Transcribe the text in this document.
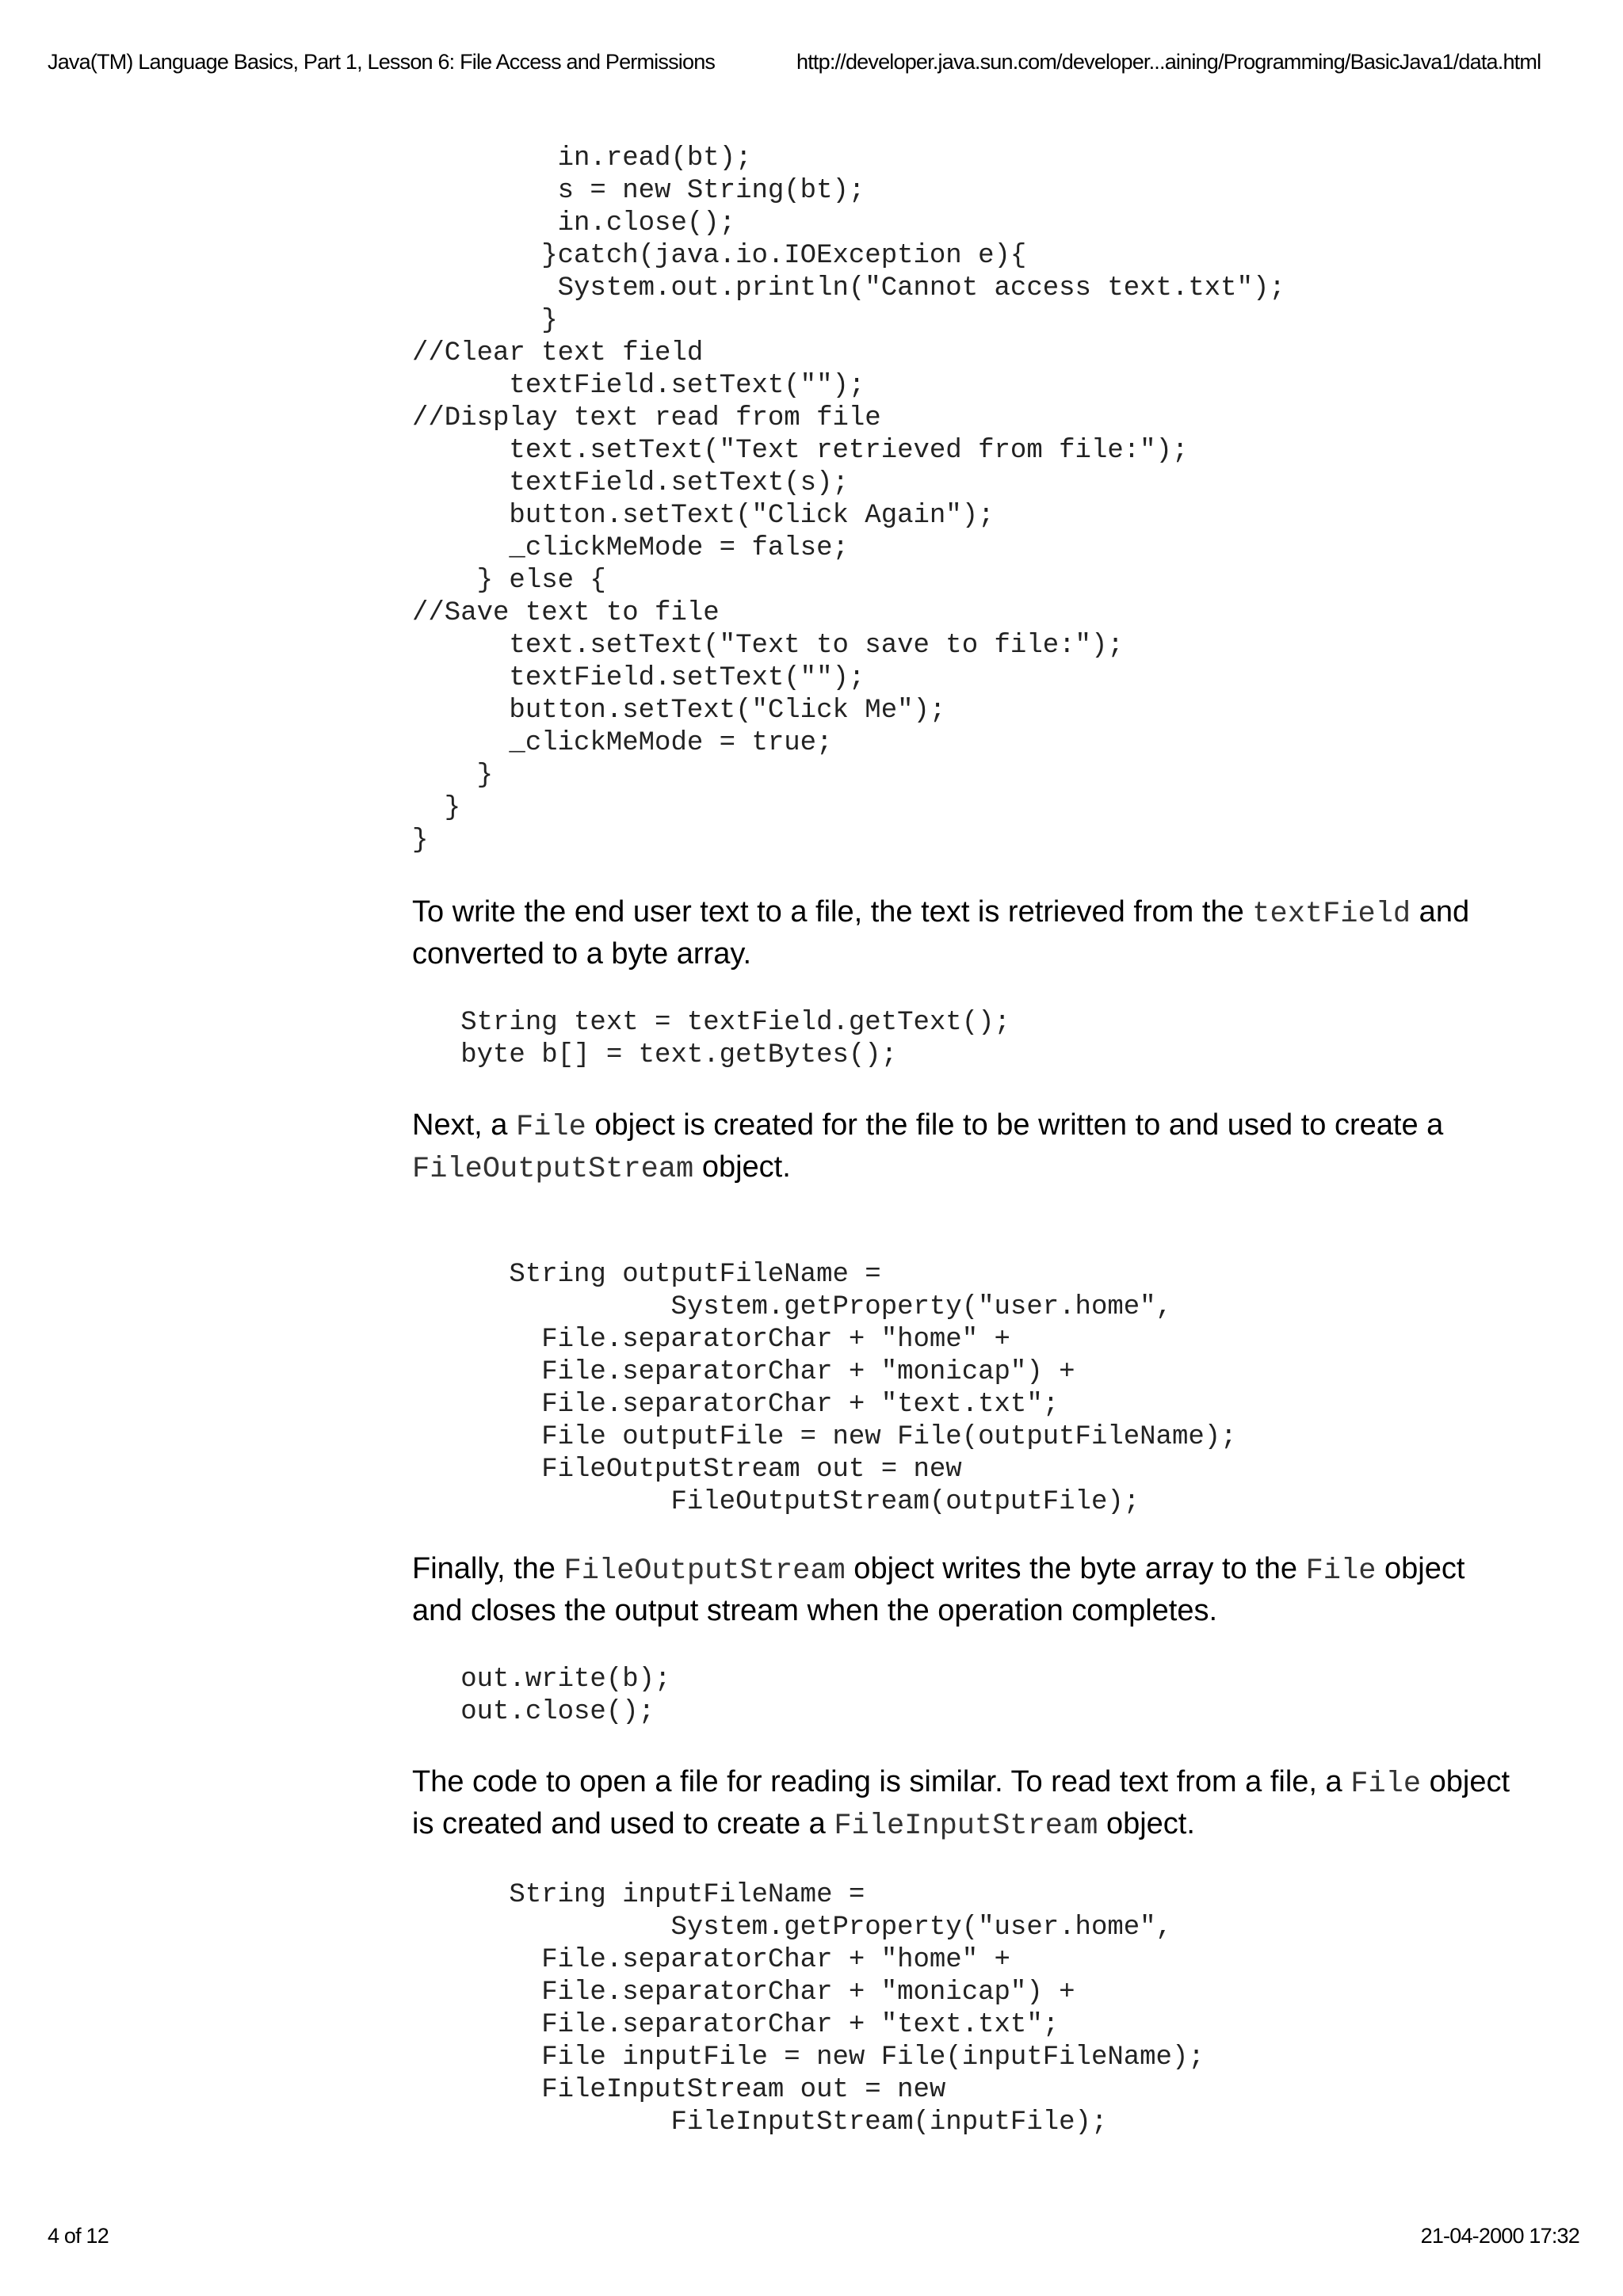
Java(TM) Language Basics, Part 1, Lesson 6: File Access and Permissions	http://developer.java.sun.com/developer...aining/Programming/BasicJava1/data.html
in.read(bt);
s = new String(bt);
in.close();
}catch(java.io.IOException e){
System.out.println("Cannot access text.txt");
}
//Clear text field
textField.setText("");
//Display text read from file
text.setText("Text retrieved from file:");
textField.setText(s);
button.setText("Click Again");
_clickMeMode = false;
} else {
//Save text to file
text.setText("Text to save to file:");
textField.setText("");
button.setText("Click Me");
_clickMeMode = true;
}
}
}

To write the end user text to a file, the text is retrieved from the textField and converted to a byte array.

String text = textField.getText();
byte b[] = text.getBytes();

Next, a File object is created for the file to be written to and used to create a FileOutputStream object.

String outputFileName =
System.getProperty("user.home",
File.separatorChar + "home" +
File.separatorChar + "monicap") +
File.separatorChar + "text.txt";
File outputFile = new File(outputFileName);
FileOutputStream out = new
FileOutputStream(outputFile);

Finally, the FileOutputStream object writes the byte array to the File object and closes the output stream when the operation completes.

out.write(b);
out.close();

The code to open a file for reading is similar. To read text from a file, a File object is created and used to create a FileInputStream object.

String inputFileName =
System.getProperty("user.home",
File.separatorChar + "home" +
File.separatorChar + "monicap") +
File.separatorChar + "text.txt";
File inputFile = new File(inputFileName);
FileInputStream out = new
FileInputStream(inputFile);
4 of 12	21-04-2000 17:32
